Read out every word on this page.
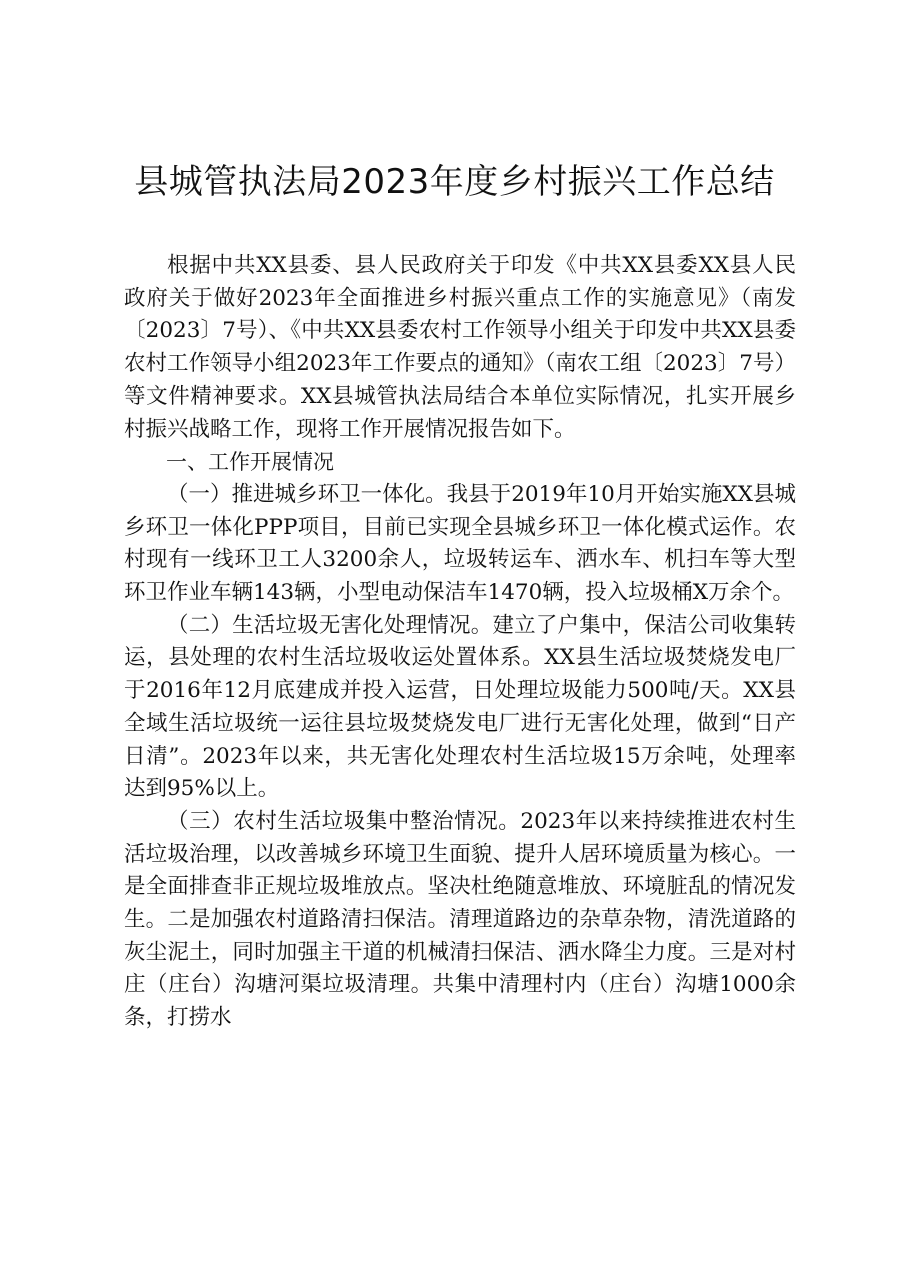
县城管执法局2023年度乡村振兴工作总结

根据中共XX县委、县人民政府关于印发《中共XX县委XX县人民政府关于做好2023年全面推进乡村振兴重点工作的实施意见》（南发〔2023〕7号）、《中共XX县委农村工作领导小组关于印发中共XX县委农村工作领导小组2023年工作要点的通知》（南农工组〔2023〕7号）等文件精神要求。XX县城管执法局结合本单位实际情况，扎实开展乡村振兴战略工作，现将工作开展情况报告如下。

一、工作开展情况

（一）推进城乡环卫一体化。我县于2019年10月开始实施XX县城乡环卫一体化PPP项目，目前已实现全县城乡环卫一体化模式运作。农村现有一线环卫工人3200余人，垃圾转运车、洒水车、机扫车等大型环卫作业车辆143辆，小型电动保洁车1470辆，投入垃圾桶X万余个。

（二）生活垃圾无害化处理情况。建立了户集中，保洁公司收集转运，县处理的农村生活垃圾收运处置体系。XX县生活垃圾焚烧发电厂于2016年12月底建成并投入运营，日处理垃圾能力500吨/天。XX县全域生活垃圾统一运往县垃圾焚烧发电厂进行无害化处理，做到“日产日清”。2023年以来，共无害化处理农村生活垃圾15万余吨，处理率达到95%以上。

（三）农村生活垃圾集中整治情况。2023年以来持续推进农村生活垃圾治理，以改善城乡环境卫生面貌、提升人居环境质量为核心。一是全面排查非正规垃圾堆放点。坚决杜绝随意堆放、环境脏乱的情况发生。二是加强农村道路清扫保洁。清理道路边的杂草杂物，清洗道路的灰尘泥土，同时加强主干道的机械清扫保洁、洒水降尘力度。三是对村庄（庄台）沟塘河渠垃圾清理。共集中清理村内（庄台）沟塘1000余条，打捞水
